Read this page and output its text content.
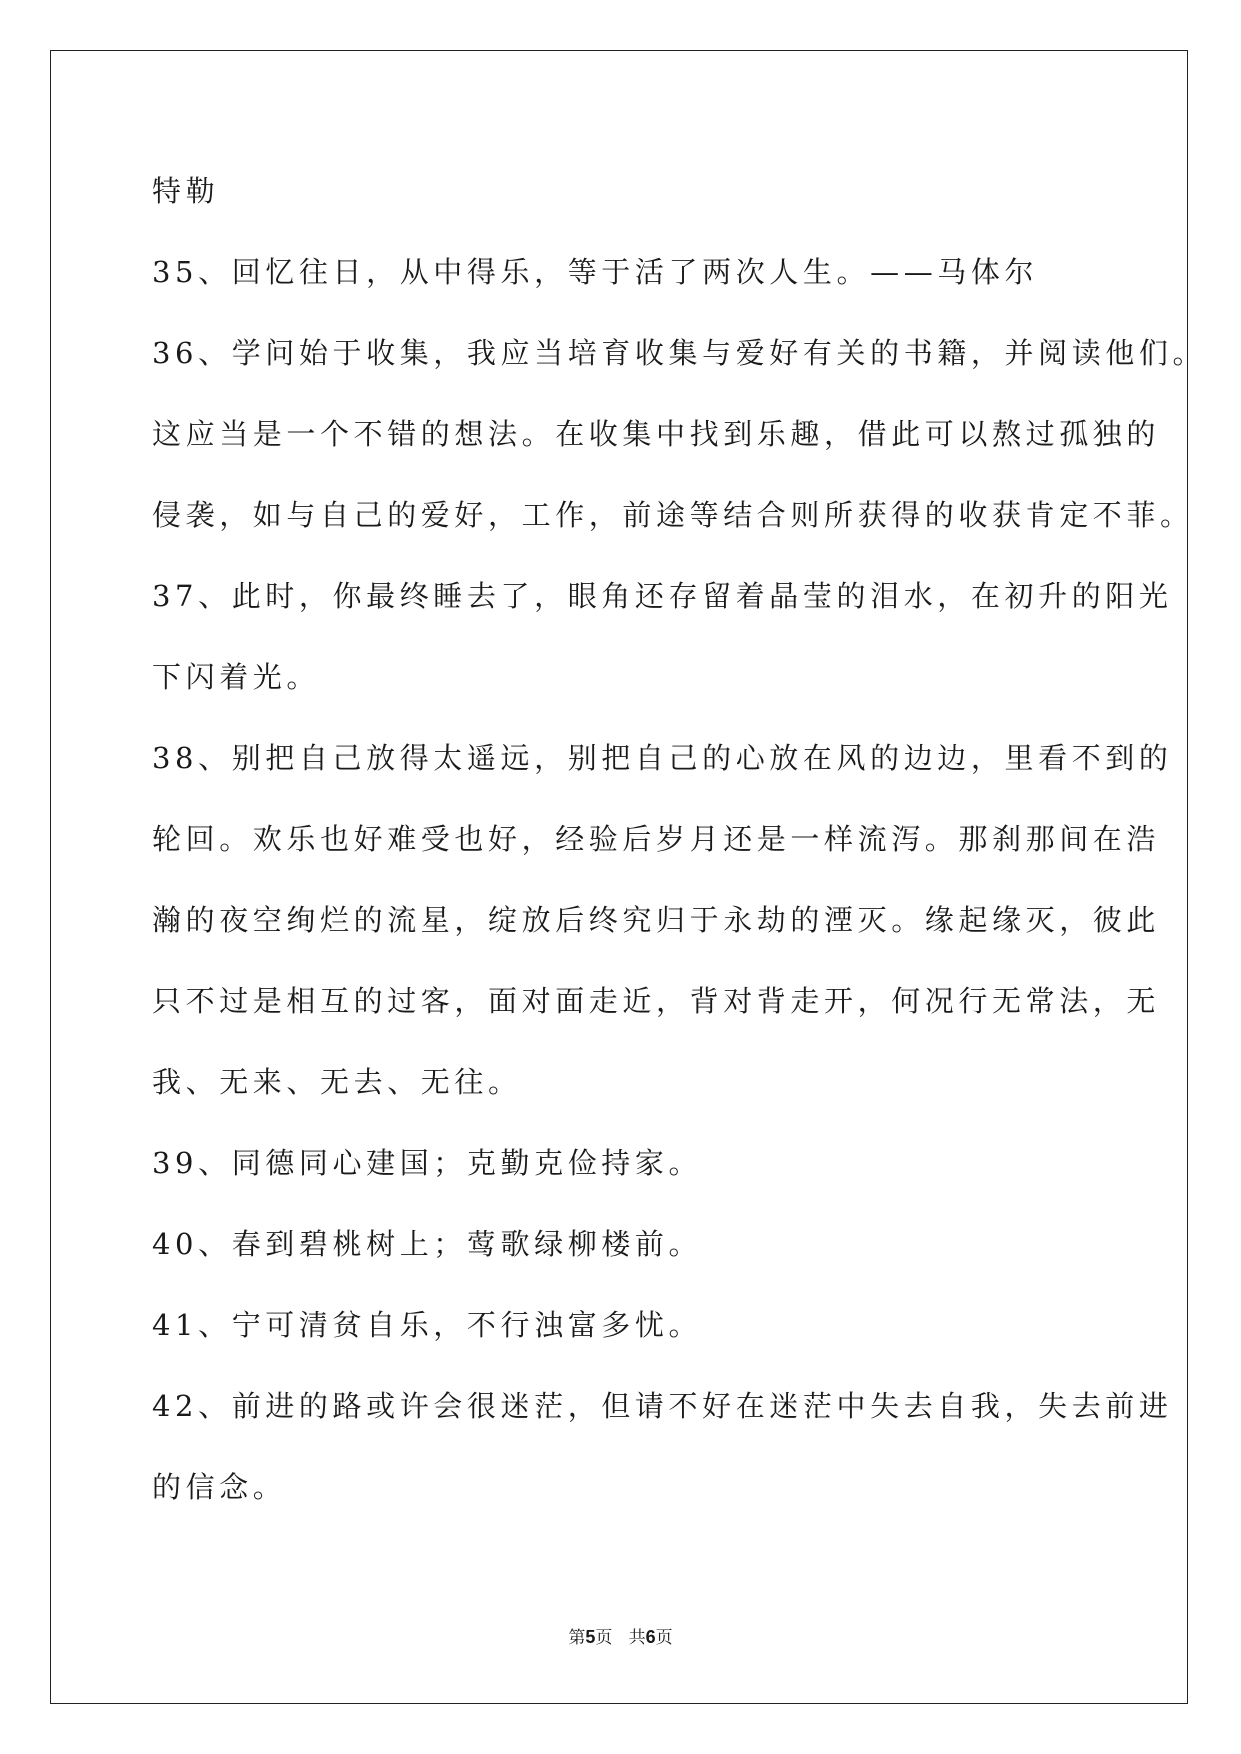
特勒
35、回忆往日，从中得乐，等于活了两次人生。——马体尔
36、学问始于收集，我应当培育收集与爱好有关的书籍，并阅读他们。
这应当是一个不错的想法。在收集中找到乐趣，借此可以熬过孤独的
侵袭，如与自己的爱好，工作，前途等结合则所获得的收获肯定不菲。
37、此时，你最终睡去了，眼角还存留着晶莹的泪水，在初升的阳光
下闪着光。
38、别把自己放得太遥远，别把自己的心放在风的边边，里看不到的
轮回。欢乐也好难受也好，经验后岁月还是一样流泻。那刹那间在浩
瀚的夜空绚烂的流星，绽放后终究归于永劫的湮灭。缘起缘灭，彼此
只不过是相互的过客，面对面走近，背对背走开，何况行无常法，无
我、无来、无去、无往。
39、同德同心建国；克勤克俭持家。
40、春到碧桃树上；莺歌绿柳楼前。
41、宁可清贫自乐，不行浊富多忧。
42、前进的路或许会很迷茫，但请不好在迷茫中失去自我，失去前进
的信念。
第5页 共6页
